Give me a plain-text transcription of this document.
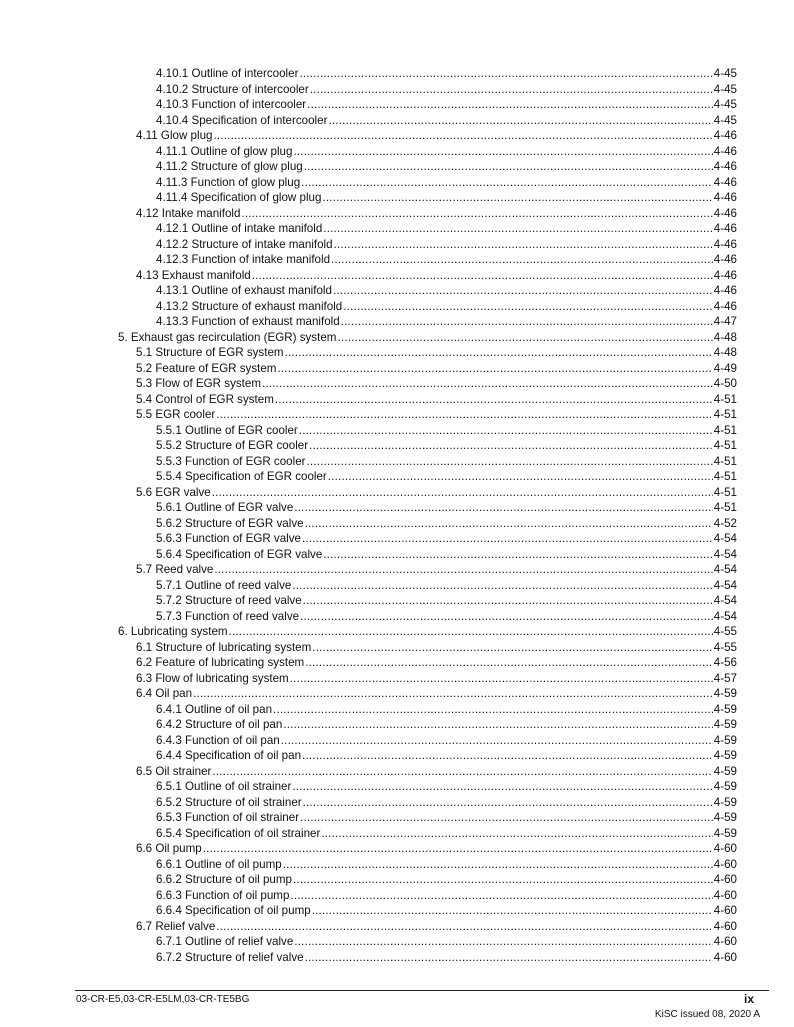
4.10.1 Outline of intercooler .....	4-45
4.10.2 Structure of intercooler .....	4-45
4.10.3 Function of intercooler .....	4-45
4.10.4 Specification of intercooler .....	4-45
4.11 Glow plug .....	4-46
4.11.1 Outline of glow plug .....	4-46
4.11.2 Structure of glow plug .....	4-46
4.11.3 Function of glow plug .....	4-46
4.11.4 Specification of glow plug .....	4-46
4.12 Intake manifold .....	4-46
4.12.1 Outline of intake manifold .....	4-46
4.12.2 Structure of intake manifold .....	4-46
4.12.3 Function of intake manifold .....	4-46
4.13 Exhaust manifold .....	4-46
4.13.1 Outline of exhaust manifold .....	4-46
4.13.2 Structure of exhaust manifold .....	4-46
4.13.3 Function of exhaust manifold .....	4-47
5. Exhaust gas recirculation (EGR) system .....	4-48
5.1 Structure of EGR system .....	4-48
5.2 Feature of EGR system .....	4-49
5.3 Flow of EGR system .....	4-50
5.4 Control of EGR system .....	4-51
5.5 EGR cooler .....	4-51
5.5.1 Outline of EGR cooler .....	4-51
5.5.2 Structure of EGR cooler .....	4-51
5.5.3 Function of EGR cooler .....	4-51
5.5.4 Specification of EGR cooler .....	4-51
5.6 EGR valve .....	4-51
5.6.1 Outline of EGR valve .....	4-51
5.6.2 Structure of EGR valve .....	4-52
5.6.3 Function of EGR valve .....	4-54
5.6.4 Specification of EGR valve .....	4-54
5.7 Reed valve .....	4-54
5.7.1 Outline of reed valve .....	4-54
5.7.2 Structure of reed valve .....	4-54
5.7.3 Function of reed valve .....	4-54
6. Lubricating system .....	4-55
6.1 Structure of lubricating system .....	4-55
6.2 Feature of lubricating system .....	4-56
6.3 Flow of lubricating system .....	4-57
6.4 Oil pan .....	4-59
6.4.1 Outline of oil pan .....	4-59
6.4.2 Structure of oil pan .....	4-59
6.4.3 Function of oil pan .....	4-59
6.4.4 Specification of oil pan .....	4-59
6.5 Oil strainer .....	4-59
6.5.1 Outline of oil strainer .....	4-59
6.5.2 Structure of oil strainer .....	4-59
6.5.3 Function of oil strainer .....	4-59
6.5.4 Specification of oil strainer .....	4-59
6.6 Oil pump .....	4-60
6.6.1 Outline of oil pump .....	4-60
6.6.2 Structure of oil pump .....	4-60
6.6.3 Function of oil pump .....	4-60
6.6.4 Specification of oil pump .....	4-60
6.7 Relief valve .....	4-60
6.7.1 Outline of relief valve .....	4-60
6.7.2 Structure of relief valve .....	4-60
03-CR-E5,03-CR-E5LM,03-CR-TE5BG	ix
KiSC issued 08, 2020 A
